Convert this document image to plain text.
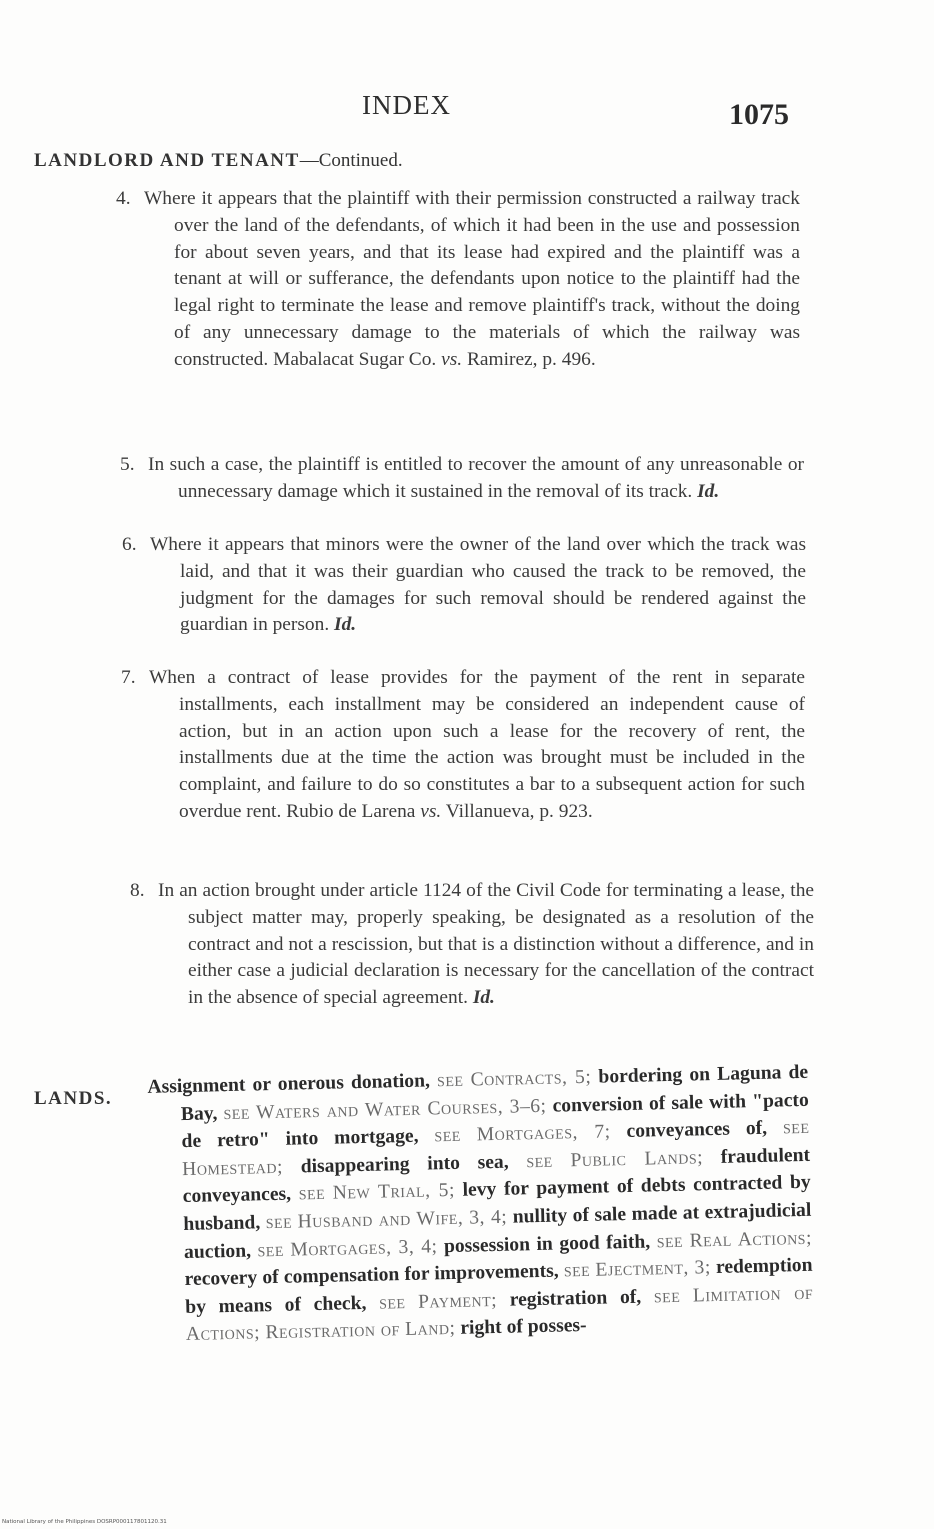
INDEX	1075
LANDLORD AND TENANT—Continued.
4. Where it appears that the plaintiff with their permission constructed a railway track over the land of the defendants, of which it had been in the use and possession for about seven years, and that its lease had expired and the plaintiff was a tenant at will or sufferance, the defendants upon notice to the plaintiff had the legal right to terminate the lease and remove plaintiff's track, without the doing of any unnecessary damage to the materials of which the railway was constructed. Mabalacat Sugar Co. vs. Ramirez, p. 496.
5. In such a case, the plaintiff is entitled to recover the amount of any unreasonable or unnecessary damage which it sustained in the removal of its track. Id.
6. Where it appears that minors were the owner of the land over which the track was laid, and that it was their guardian who caused the track to be removed, the judgment for the damages for such removal should be rendered against the guardian in person. Id.
7. When a contract of lease provides for the payment of the rent in separate installments, each installment may be considered an independent cause of action, but in an action upon such a lease for the recovery of rent, the installments due at the time the action was brought must be included in the complaint, and failure to do so constitutes a bar to a subsequent action for such overdue rent. Rubio de Larena vs. Villanueva, p. 923.
8. In an action brought under article 1124 of the Civil Code for terminating a lease, the subject matter may, properly speaking, be designated as a resolution of the contract and not a rescission, but that is a distinction without a difference, and in either case a judicial declaration is necessary for the cancellation of the contract in the absence of special agreement. Id.
LANDS.
Assignment or onerous donation, see Contracts, 5; bordering on Laguna de Bay, see Waters and Water Courses, 3–6; conversion of sale with "pacto de retro" into mortgage, see Mortgages, 7; conveyances of, see Homestead; disappearing into sea, see Public Lands; fraudulent conveyances, see New Trial, 5; levy for payment of debts contracted by husband, see Husband and Wife, 3, 4; nullity of sale made at extrajudicial auction, see Mortgages, 3, 4; possession in good faith, see Real Actions; recovery of compensation for improvements, see Ejectment, 3; redemption by means of check, see Payment; registration of, see Limitation of Actions; Registration of Land; right of posses-
National Library of the Philippines DOSRP000117801120.31
